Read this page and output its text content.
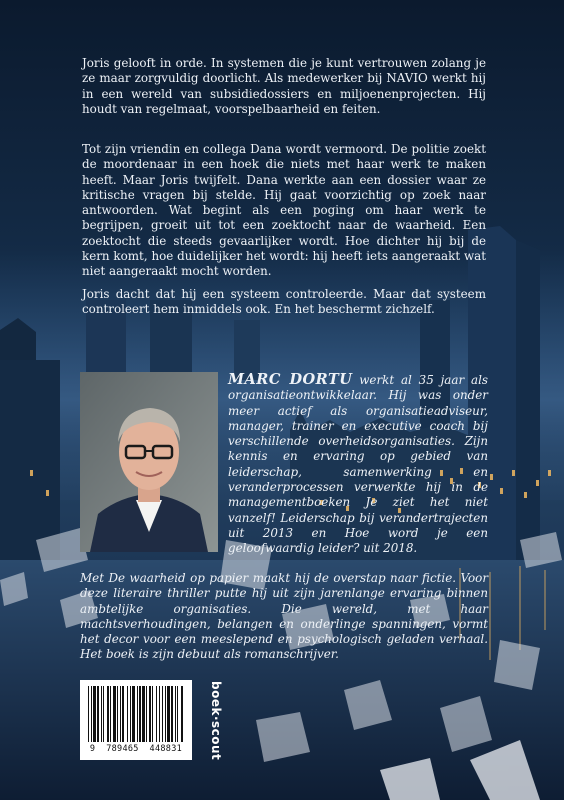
Joris gelooft in orde. In systemen die je kunt vertrouwen zolang je ze maar zorgvuldig doorlicht. Als medewerker bij NAVIO werkt hij in een wereld van subsidiedossiers en miljoenenprojecten. Hij houdt van regelmaat, voorspelbaarheid en feiten.

Tot zijn vriendin en collega Dana wordt vermoord. De politie zoekt de moordenaar in een hoek die niets met haar werk te maken heeft. Maar Joris twijfelt. Dana werkte aan een dossier waar ze kritische vragen bij stelde. Hij gaat voorzichtig op zoek naar antwoorden. Wat begint als een poging om haar werk te begrijpen, groeit uit tot een zoektocht naar de waarheid. Een zoektocht die steeds gevaarlijker wordt. Hoe dichter hij bij de kern komt, hoe duidelijker het wordt: hij heeft iets aangeraakt wat niet aangeraakt mocht worden.

Joris dacht dat hij een systeem controleerde. Maar dat systeem controleert hem inmiddels ook. En het beschermt zichzelf.

MARC DORTU werkt al 35 jaar als organisatieontwikkelaar. Hij was onder meer actief als organisatieadviseur, manager, trainer en executive coach bij verschillende overheidsorganisaties. Zijn kennis en ervaring op gebied van leiderschap, samenwerking en veranderprocessen verwerkte hij in de managementboeken Je ziet het niet vanzelf! Leiderschap bij verandertrajecten uit 2013 en Hoe word je een geloofwaardig leider? uit 2018.

Met De waarheid op papier maakt hij de overstap naar fictie. Voor deze literaire thriller putte hij uit zijn jarenlange ervaring binnen ambtelijke organisaties. Die wereld, met haar machtsverhoudingen, belangen en onderlinge spanningen, vormt het decor voor een meeslepend en psychologisch geladen verhaal. Het boek is zijn debuut als romanschrijver.

9 789465 448831	boek·scout
